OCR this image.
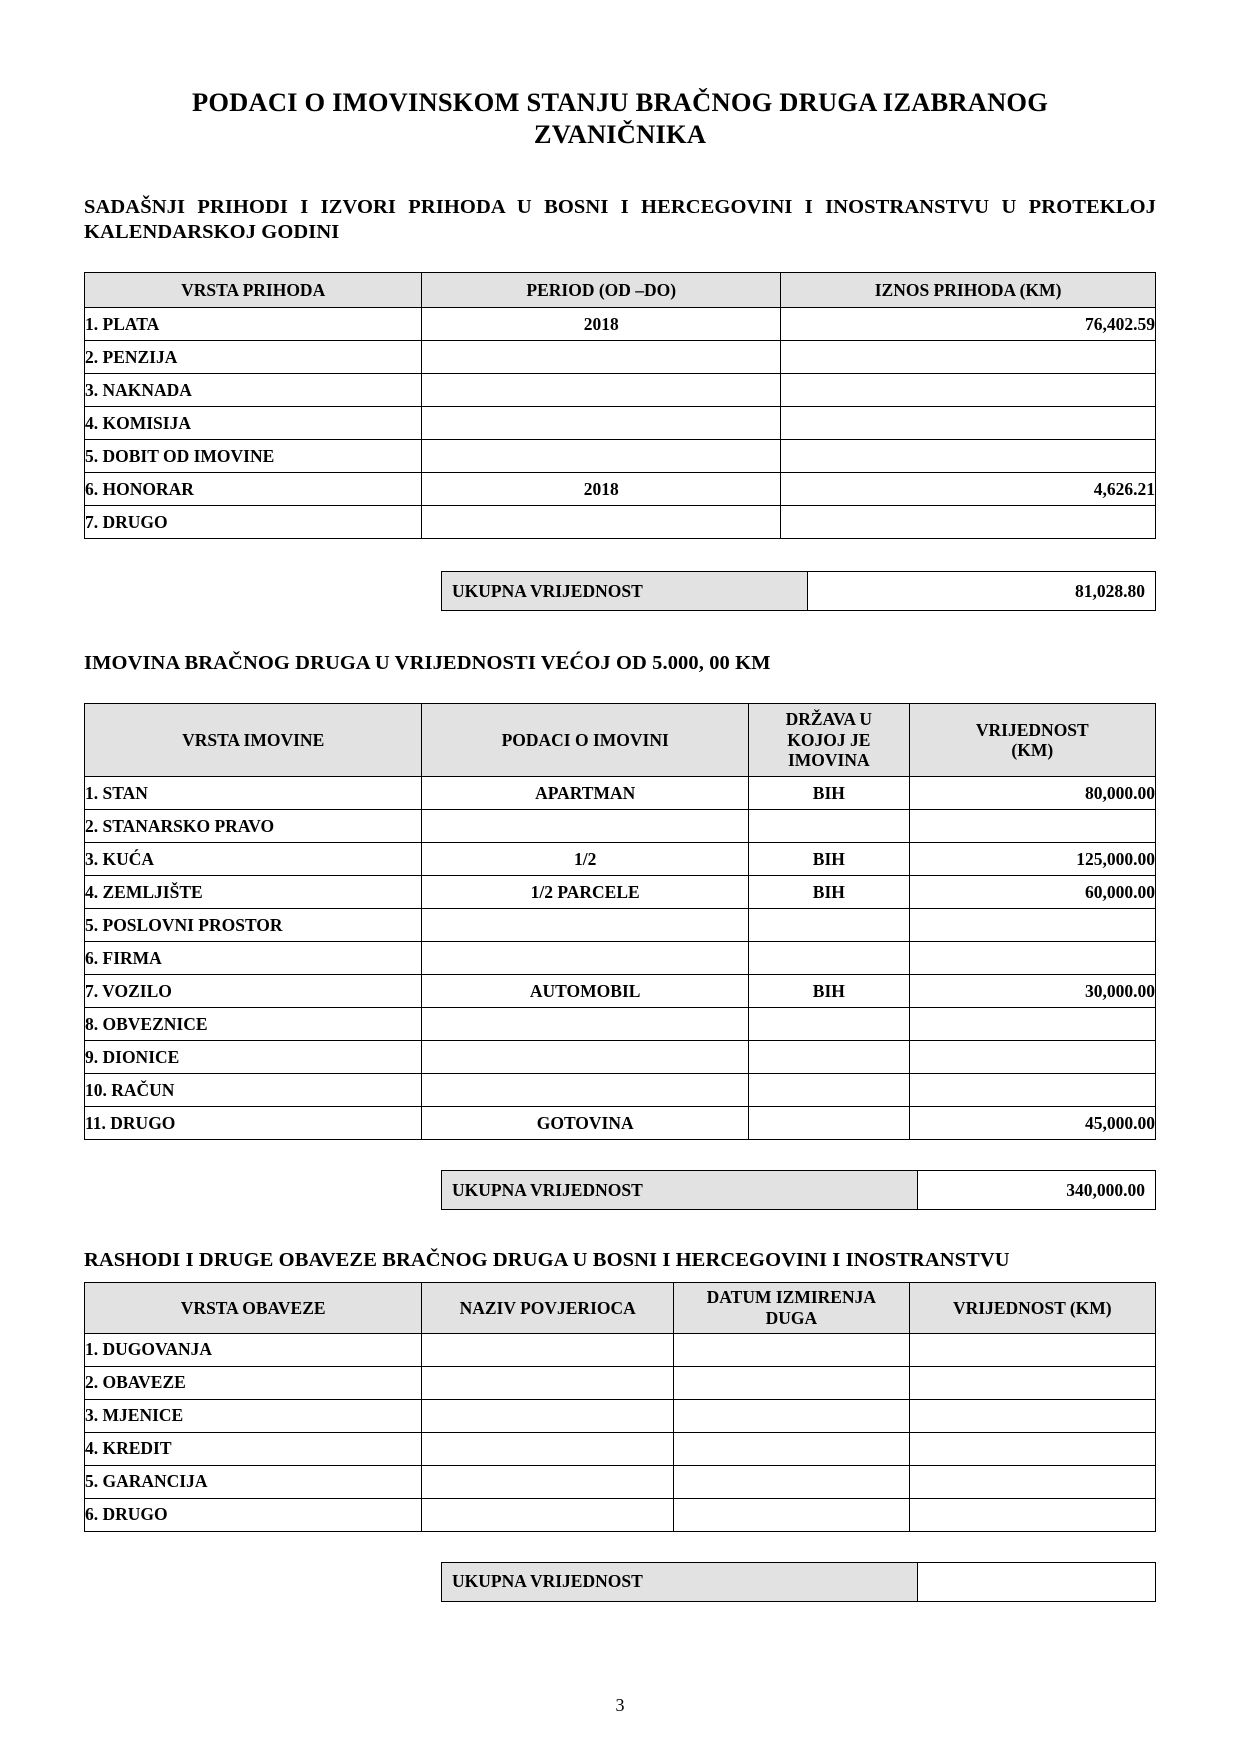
PODACI O IMOVINSKOM STANJU BRAČNOG DRUGA IZABRANOG ZVANIČNIKA

SADAŠNJI PRIHODI I IZVORI PRIHODA U BOSNI I HERCEGOVINI I INOSTRANSTVU U PROTEKLOJ KALENDARSKOJ GODINI

VRSTA PRIHODA	PERIOD (OD –DO)	IZNOS PRIHODA (KM)
1. PLATA	2018	76,402.59
2. PENZIJA		
3. NAKNADA		
4. KOMISIJA		
5. DOBIT OD IMOVINE		
6. HONORAR	2018	4,626.21
7. DRUGO		
UKUPNA VRIJEDNOST	81,028.80

IMOVINA BRAČNOG DRUGA U VRIJEDNOSTI VEĆOJ OD 5.000, 00 KM

VRSTA IMOVINE	PODACI O IMOVINI	DRŽAVA U
KOJOJ JE
IMOVINA	VRIJEDNOST
(KM)
1. STAN	APARTMAN	BIH	80,000.00
2. STANARSKO PRAVO			
3. KUĆA	1/2	BIH	125,000.00
4. ZEMLJIŠTE	1/2 PARCELE	BIH	60,000.00
5. POSLOVNI PROSTOR			
6. FIRMA			
7. VOZILO	AUTOMOBIL	BIH	30,000.00
8. OBVEZNICE			
9. DIONICE			
10. RAČUN			
11. DRUGO	GOTOVINA		45,000.00
UKUPNA VRIJEDNOST	340,000.00

RASHODI I DRUGE OBAVEZE BRAČNOG DRUGA U BOSNI I HERCEGOVINI I INOSTRANSTVU

VRSTA OBAVEZE	NAZIV POVJERIOCA	DATUM IZMIRENJA
DUGA	VRIJEDNOST (KM)
1. DUGOVANJA			
2. OBAVEZE			
3. MJENICE			
4. KREDIT			
5. GARANCIJA			
6. DRUGO			
UKUPNA VRIJEDNOST	
3
